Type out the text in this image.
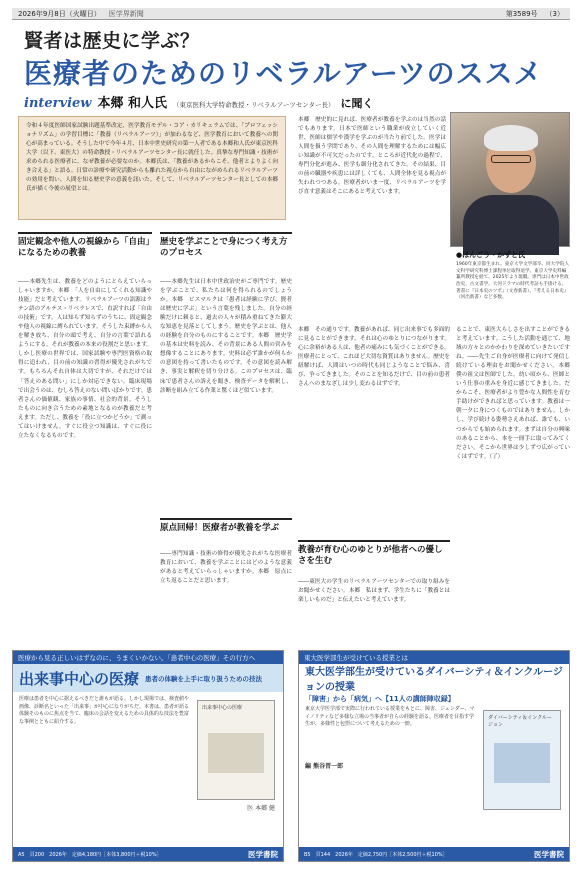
2026年9月8日（火曜日） 医学界新聞	第3589号 （3）
賢者は歴史に学ぶ？
医療者のためのリベラルアーツのススメ
interview 本郷 和人氏 （東京医科大学特命教授・リベラルアーツセンター長） に聞く
令和４年度医師国家試験出題基準改定、医学教育モデル・コア・カリキュラムでは、「プロフェッショナリズム」の学習目標に「教養（リベラルアーツ）」が加わるなど、医学教育において教養への関心が高まっている。そうした中で今年４月、日本中世史研究の第一人者である本郷和人氏が東京医科大学（以下、東医大）の特命教授・リベラルアーツセンター長に就任した。真摯な専門知識・技術が求められる医療者に、なぜ教養が必要なのか。本郷氏は、「教養があるからこそ、他者とよりよく向き合える」と語る。日常の診療や研究活動からも離れた視点から自由にながめられるリベラルアーツの効用を問い、人間を知る歴史学の意義を訊いた。そして、リベラルアーツセンター長としての本郷氏が描く今後の展望とは。
●ほんごう・かずと氏
1960年東京都生まれ。東京大学文学部卒。同大学院人文科学研究科博士課程単位取得退学。東京大学史料編纂所教授を経て、2025年より現職。専門は日本中世政治史、古文書学。大河ドラマの時代考証も手掛ける。著書に『日本史のツボ』（文春新書）、『考える日本史』（河出新書）など多数。
本郷　歴史的に見れば、医療者が教養を学ぶのは当然の話でもあります。日本で医師という職業が成立していく近世、医師は儒学や漢学を学ぶのが当たり前でした。医学は人間を扱う学問であり、その人間を理解するためには幅広い知識が不可欠だったのです。ところが近代化の過程で、専門分化が進み、医学も細分化されてきた。その結果、目の前の臓器や疾患には詳しくても、人間全体を見る視点が失われつつある。医療者がいま一度、リベラルアーツを学び直す意義はそこにあると考えています。
固定観念や他人の視線から「自由」になるための教養
――本郷先生は、教養をどのようにとらえていらっしゃいますか。本郷　「人を自由にしてくれる知識や技能」だと考えています。リベラルアーツの語源はラテン語のアルテス・リベラレスで、直訳すれば「自由の技術」です。人は知らず知らずのうちに、固定観念や他人の視線に縛られています。そうした束縛から人を解き放ち、自分の頭で考え、自分の言葉で語れるようにする。それが教養の本来の役割だと思います。しかし医療の世界では、国家試験や専門医資格の取得に追われ、目の前の知識の習得が優先されがちです。もちろんそれ自体は大切ですが、それだけでは「答えのある問い」にしか対応できない。臨床現場で出会うのは、むしろ答えのない問いばかりです。患者さんの価値観、家族の事情、社会的背景。そうしたものに向き合うための素地となるのが教養だと考えます。ただし、教養を「役に立つかどうか」で測ってはいけません。すぐに役立つ知識は、すぐに役に立たなくなるものです。
歴史を学ぶことで身につく考え方のプロセス
――本郷先生は日本中世政治史がご専門です。歴史を学ぶことで、私たちは何を得られるのでしょうか。本郷　ビスマルクは「愚者は経験に学び、賢者は歴史に学ぶ」という言葉を残しました。自分の経験だけに頼ると、過去の人々が積み重ねてきた膨大な知恵を見落としてしまう。歴史を学ぶとは、他人の経験を自分のものにすることです。本郷　歴史学の基本は史料を読み、その背景にある人間の営みを想像することにあります。史料は必ず誰かが何らかの意図を持って書いたものです。その意図を読み解き、事実と解釈を切り分ける。このプロセスは、臨床で患者さんの訴えを聞き、検査データを解釈し、診断を組み立てる作業と驚くほど似ています。
原点回帰！医療者が教養を学ぶ
――専門知識・技術の修得が優先されがちな医療者教育において、教養を学ぶことにはどのような意義があると考えていらっしゃいますか。本郷　原点に立ち返ることだと思います。
本郷　その通りです。教養があれば、同じ出来事でも多面的に見ることができます。それは心のゆとりにつながります。心に余裕がある人は、他者の痛みにも気づくことができる。医療者にとって、これほど大切な資質はありません。歴史を紐解けば、人間はいつの時代も同じようなことで悩み、喜び、争ってきました。そのことを知るだけで、目の前の患者さんへのまなざしは少し変わるはずです。
教養が育む心のゆとりが他者への優しさを生む
――東医大の学生のリベラルアーツセンターでの取り組みをお聞かせください。本郷　私はまず、学生たちに「教養とは楽しいものだ」と伝えたいと考えています。
ることで、東医大らしさを出すことができると考えています。こうした活動を通じて、地域の方々とのかかわりを深めていきたいですね。――先生ご自身が医療者に向けて発信し続けている理由をお聞かせください。本郷　僕の祖父は医師でした。幼い頃から、医師という仕事の重みを身近に感じてきました。だからこそ、医療者がより豊かな人間性を育む手助けができればと思っています。教養は一朝一夕に身につくものではありません。しかし、学び続ける姿勢さえあれば、誰でも、いつからでも始められます。まずは自分の興味のあることから、本を一冊手に取ってみてください。そこから世界は少しずつ広がっていくはずです。（了）
医療から見る正しいはずなのに、うまくいかない。「患者中心の医療」その行方へ
出来事中心の医療 患者の体験を上手に取り扱うための技法
医療は患者を中心に据えるべきだと誰もが語る。しかし現場では、検査値や画像、診断名といった「出来事」が中心になりがちだ。本書は、患者が語る体験そのものに焦点を当て、臨床の会話を変えるための具体的な技法を豊富な事例とともに紹介する。
出来事中心の医療
医 本郷 健
A5　頁200　2026年　定価4,180円［本体3,800円＋税10%］	医学書院
東大医学部生が受けている授業とは
東大医学部生が受けているダイバーシティ＆インクルージョンの授業
「障害」から「病気」へ【11人の講師陣収録】
東京大学医学部で実際に行われている授業をもとに、障害、ジェンダー、マイノリティなど多様な立場の当事者が自らの経験を語る。医療者を目指す学生が、多様性と包摂について考えるための一冊。
ダイバーシティ＆インクルージョン
編 熊谷晋一郎
B5　頁144　2026年　定価2,750円［本体2,500円＋税10%］	医学書院
